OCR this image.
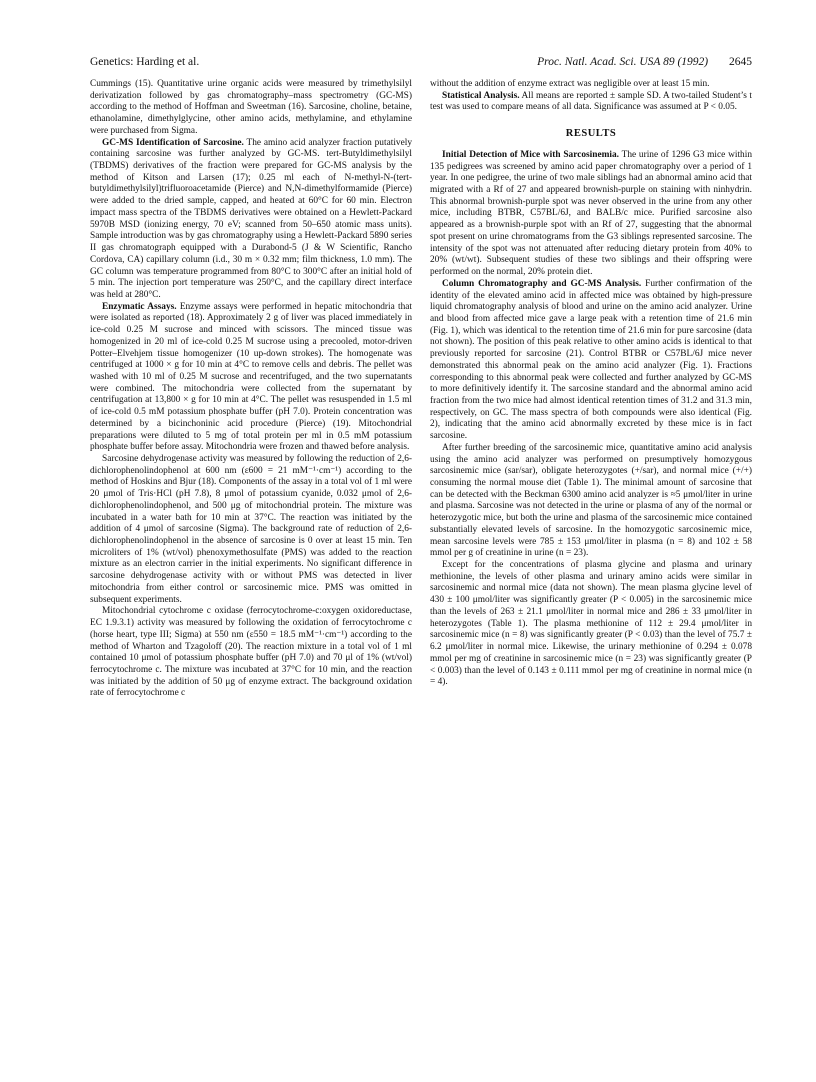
Genetics: Harding et al.	Proc. Natl. Acad. Sci. USA 89 (1992) 2645

Cummings (15). Quantitative urine organic acids were measured by trimethylsilyl derivatization followed by gas chromatography–mass spectrometry (GC-MS) according to the method of Hoffman and Sweetman (16). Sarcosine, choline, betaine, ethanolamine, dimethylglycine, other amino acids, methylamine, and ethylamine were purchased from Sigma.

GC-MS Identification of Sarcosine. The amino acid analyzer fraction putatively containing sarcosine was further analyzed by GC-MS. tert-Butyldimethylsilyl (TBDMS) derivatives of the fraction were prepared for GC-MS analysis by the method of Kitson and Larsen (17); 0.25 ml each of N-methyl-N-(tert-butyldimethylsilyl)trifluoroacetamide (Pierce) and N,N-dimethylformamide (Pierce) were added to the dried sample, capped, and heated at 60°C for 60 min. Electron impact mass spectra of the TBDMS derivatives were obtained on a Hewlett-Packard 5970B MSD (ionizing energy, 70 eV; scanned from 50–650 atomic mass units). Sample introduction was by gas chromatography using a Hewlett-Packard 5890 series II gas chromatograph equipped with a Durabond-5 (J & W Scientific, Rancho Cordova, CA) capillary column (i.d., 30 m × 0.32 mm; film thickness, 1.0 mm). The GC column was temperature programmed from 80°C to 300°C after an initial hold of 5 min. The injection port temperature was 250°C, and the capillary direct interface was held at 280°C.

Enzymatic Assays. Enzyme assays were performed in hepatic mitochondria that were isolated as reported (18). Approximately 2 g of liver was placed immediately in ice-cold 0.25 M sucrose and minced with scissors. The minced tissue was homogenized in 20 ml of ice-cold 0.25 M sucrose using a precooled, motor-driven Potter–Elvehjem tissue homogenizer (10 up-down strokes). The homogenate was centrifuged at 1000 × g for 10 min at 4°C to remove cells and debris. The pellet was washed with 10 ml of 0.25 M sucrose and recentrifuged, and the two supernatants were combined. The mitochondria were collected from the supernatant by centrifugation at 13,800 × g for 10 min at 4°C. The pellet was resuspended in 1.5 ml of ice-cold 0.5 mM potassium phosphate buffer (pH 7.0). Protein concentration was determined by a bicinchoninic acid procedure (Pierce) (19). Mitochondrial preparations were diluted to 5 mg of total protein per ml in 0.5 mM potassium phosphate buffer before assay. Mitochondria were frozen and thawed before analysis.

Sarcosine dehydrogenase activity was measured by following the reduction of 2,6-dichlorophenolindophenol at 600 nm (ε600 = 21 mM⁻¹·cm⁻¹) according to the method of Hoskins and Bjur (18). Components of the assay in a total vol of 1 ml were 20 μmol of Tris·HCl (pH 7.8), 8 μmol of potassium cyanide, 0.032 μmol of 2,6-dichlorophenolindophenol, and 500 μg of mitochondrial protein. The mixture was incubated in a water bath for 10 min at 37°C. The reaction was initiated by the addition of 4 μmol of sarcosine (Sigma). The background rate of reduction of 2,6-dichlorophenolindophenol in the absence of sarcosine is 0 over at least 15 min. Ten microliters of 1% (wt/vol) phenoxymethosulfate (PMS) was added to the reaction mixture as an electron carrier in the initial experiments. No significant difference in sarcosine dehydrogenase activity with or without PMS was detected in liver mitochondria from either control or sarcosinemic mice. PMS was omitted in subsequent experiments.

Mitochondrial cytochrome c oxidase (ferrocytochrome-c:oxygen oxidoreductase, EC 1.9.3.1) activity was measured by following the oxidation of ferrocytochrome c (horse heart, type III; Sigma) at 550 nm (ε550 = 18.5 mM⁻¹·cm⁻¹) according to the method of Wharton and Tzagoloff (20). The reaction mixture in a total vol of 1 ml contained 10 μmol of potassium phosphate buffer (pH 7.0) and 70 μl of 1% (wt/vol) ferrocytochrome c. The mixture was incubated at 37°C for 10 min, and the reaction was initiated by the addition of 50 μg of enzyme extract. The background oxidation rate of ferrocytochrome c

without the addition of enzyme extract was negligible over at least 15 min.

Statistical Analysis. All means are reported ± sample SD. A two-tailed Student’s t test was used to compare means of all data. Significance was assumed at P < 0.05.

RESULTS

Initial Detection of Mice with Sarcosinemia. The urine of 1296 G3 mice within 135 pedigrees was screened by amino acid paper chromatography over a period of 1 year. In one pedigree, the urine of two male siblings had an abnormal amino acid that migrated with a Rf of 27 and appeared brownish-purple on staining with ninhydrin. This abnormal brownish-purple spot was never observed in the urine from any other mice, including BTBR, C57BL/6J, and BALB/c mice. Purified sarcosine also appeared as a brownish-purple spot with an Rf of 27, suggesting that the abnormal spot present on urine chromatograms from the G3 siblings represented sarcosine. The intensity of the spot was not attenuated after reducing dietary protein from 40% to 20% (wt/wt). Subsequent studies of these two siblings and their offspring were performed on the normal, 20% protein diet.

Column Chromatography and GC-MS Analysis. Further confirmation of the identity of the elevated amino acid in affected mice was obtained by high-pressure liquid chromatography analysis of blood and urine on the amino acid analyzer. Urine and blood from affected mice gave a large peak with a retention time of 21.6 min (Fig. 1), which was identical to the retention time of 21.6 min for pure sarcosine (data not shown). The position of this peak relative to other amino acids is identical to that previously reported for sarcosine (21). Control BTBR or C57BL/6J mice never demonstrated this abnormal peak on the amino acid analyzer (Fig. 1). Fractions corresponding to this abnormal peak were collected and further analyzed by GC-MS to more definitively identify it. The sarcosine standard and the abnormal amino acid fraction from the two mice had almost identical retention times of 31.2 and 31.3 min, respectively, on GC. The mass spectra of both compounds were also identical (Fig. 2), indicating that the amino acid abnormally excreted by these mice is in fact sarcosine.

After further breeding of the sarcosinemic mice, quantitative amino acid analysis using the amino acid analyzer was performed on presumptively homozygous sarcosinemic mice (sar/sar), obligate heterozygotes (+/sar), and normal mice (+/+) consuming the normal mouse diet (Table 1). The minimal amount of sarcosine that can be detected with the Beckman 6300 amino acid analyzer is ≈5 μmol/liter in urine and plasma. Sarcosine was not detected in the urine or plasma of any of the normal or heterozygotic mice, but both the urine and plasma of the sarcosinemic mice contained substantially elevated levels of sarcosine. In the homozygotic sarcosinemic mice, mean sarcosine levels were 785 ± 153 μmol/liter in plasma (n = 8) and 102 ± 58 mmol per g of creatinine in urine (n = 23).

Except for the concentrations of plasma glycine and plasma and urinary methionine, the levels of other plasma and urinary amino acids were similar in sarcosinemic and normal mice (data not shown). The mean plasma glycine level of 430 ± 100 μmol/liter was significantly greater (P < 0.005) in the sarcosinemic mice than the levels of 263 ± 21.1 μmol/liter in normal mice and 286 ± 33 μmol/liter in heterozygotes (Table 1). The plasma methionine of 112 ± 29.4 μmol/liter in sarcosinemic mice (n = 8) was significantly greater (P < 0.03) than the level of 75.7 ± 6.2 μmol/liter in normal mice. Likewise, the urinary methionine of 0.294 ± 0.078 mmol per mg of creatinine in sarcosinemic mice (n = 23) was significantly greater (P < 0.003) than the level of 0.143 ± 0.111 mmol per mg of creatinine in normal mice (n = 4).
